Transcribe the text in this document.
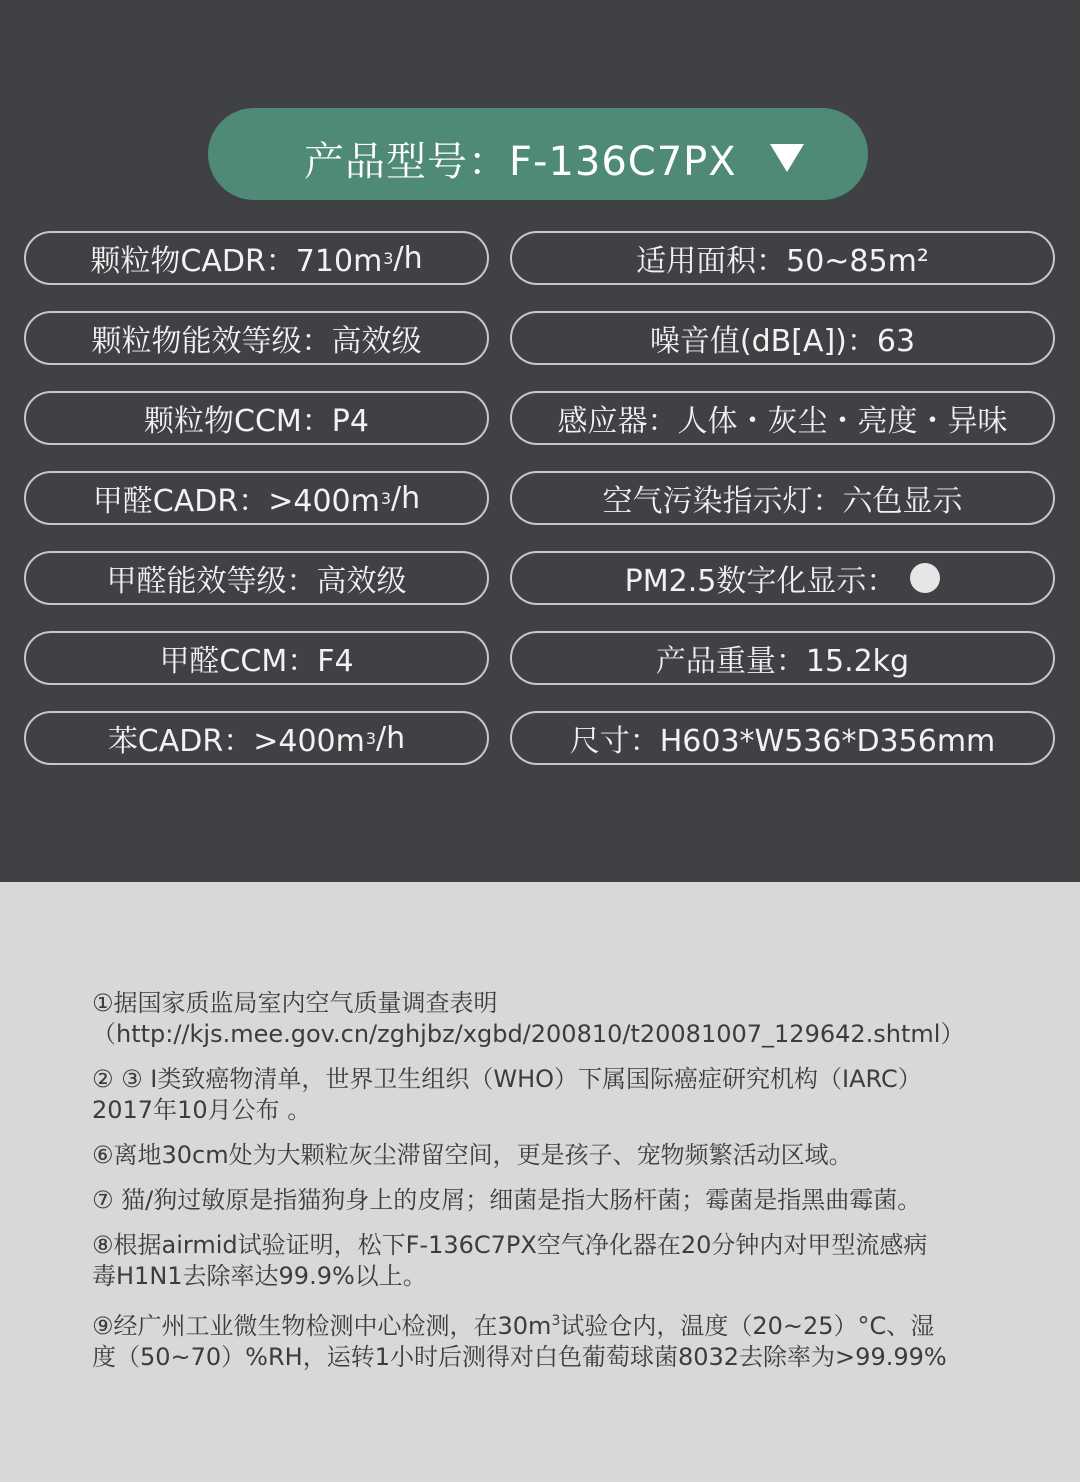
产品型号：F-136C7PX
颗粒物CADR：710m 3 /h
颗粒物能效等级：高效级
颗粒物CCM：P4
甲醛CADR：>400m 3 /h
甲醛能效等级：高效级
甲醛CCM：F4
苯CADR：>400m 3 /h
适用面积：50~85m²
噪音值(dB[A])：63
感应器：人体・灰尘・亮度・异味
空气污染指示灯：六色显示
PM2.5数字化显示：
产品重量：15.2kg
尺寸：H603*W536*D356mm
①据国家质监局室内空气质量调查表明
（http://kjs.mee.gov.cn/zghjbz/xgbd/200810/t20081007_129642.shtml）
② ③ Ⅰ类致癌物清单，世界卫生组织（WHO）下属国际癌症研究机构（IARC）
2017年10月公布 。
⑥离地30cm处为大颗粒灰尘滞留空间，更是孩子、宠物频繁活动区域。
⑦ 猫/狗过敏原是指猫狗身上的皮屑；细菌是指大肠杆菌；霉菌是指黑曲霉菌。
⑧根据airmid试验证明，松下F-136C7PX空气净化器在20分钟内对甲型流感病
毒H1N1去除率达99.9%以上。
⑨经广州工业微生物检测中心检测，在$30m^3$试验仓内，温度（20~25）°C、湿
度（50~70）%RH，运转1小时后测得对白色葡萄球菌8032去除率为>99.99%
